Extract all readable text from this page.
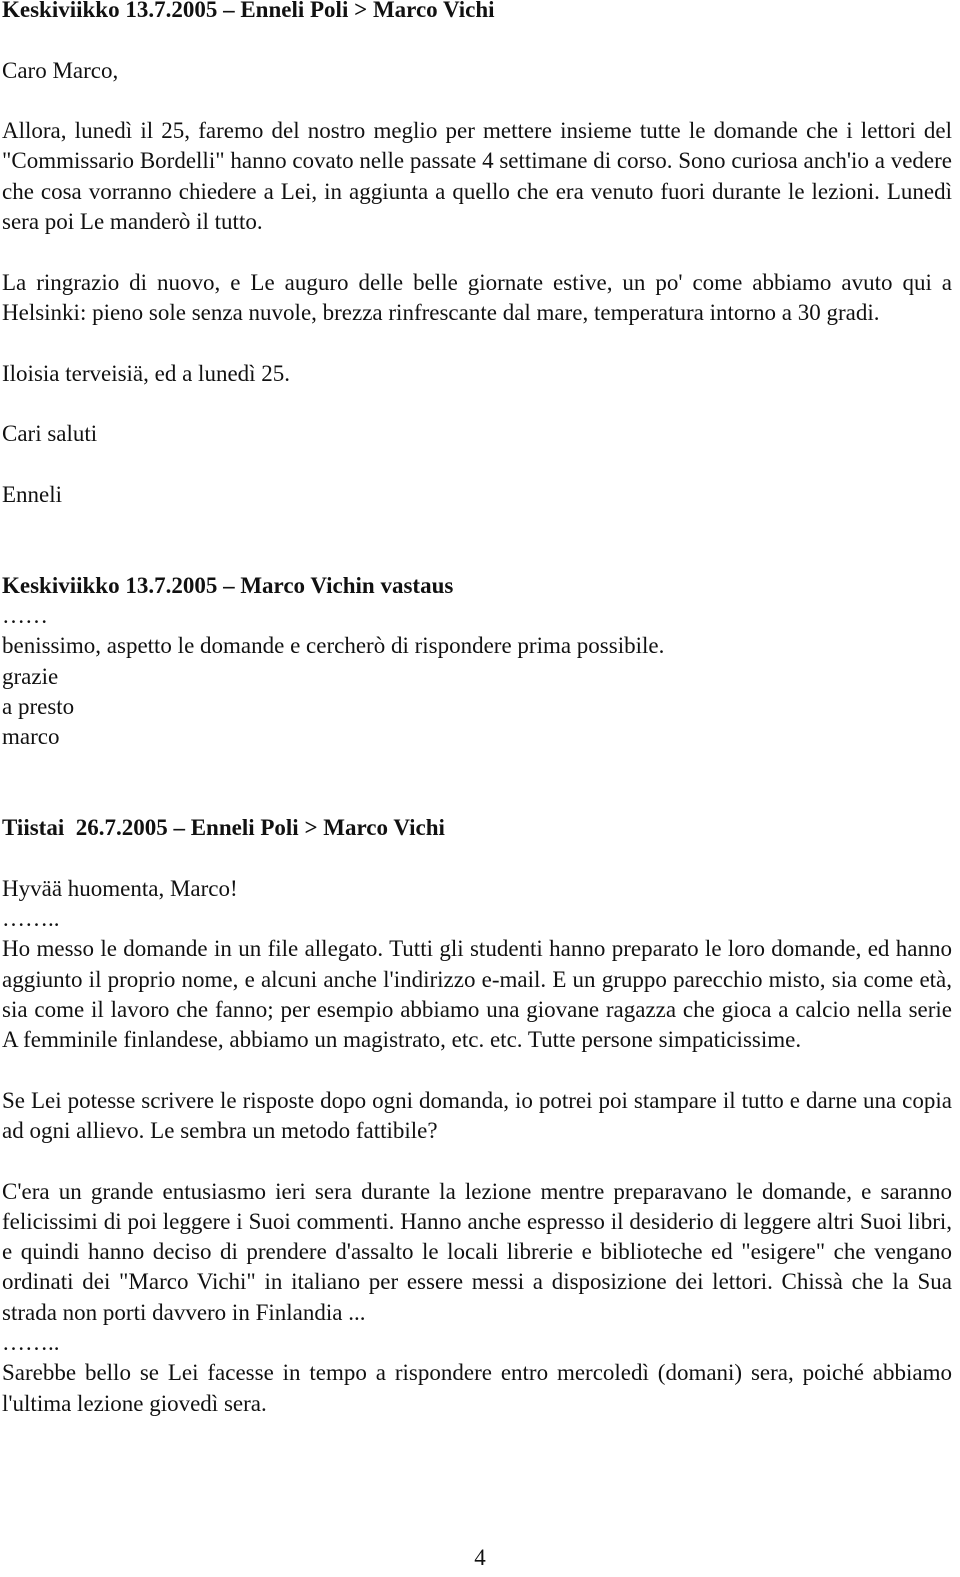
Keskiviikko 13.7.2005 – Enneli Poli > Marco Vichi
Caro Marco,

Allora, lunedì il 25, faremo del nostro meglio per mettere insieme tutte le domande che i lettori del "Commissario Bordelli" hanno covato nelle passate 4 settimane di corso. Sono curiosa anch'io a vedere che cosa vorranno chiedere a Lei, in aggiunta a quello che era venuto fuori durante le lezioni. Lunedì sera poi Le manderò il tutto.

La ringrazio di nuovo, e Le auguro delle belle giornate estive, un po' come abbiamo avuto qui a Helsinki: pieno sole senza nuvole, brezza rinfrescante dal mare, temperatura intorno a 30 gradi.

Iloisia terveisiä, ed a lunedì 25.
Cari saluti
Enneli
Keskiviikko 13.7.2005 – Marco Vichin vastaus
……
benissimo, aspetto le domande e cercherò di rispondere prima possibile.
grazie
a presto
marco
Tiistai  26.7.2005 – Enneli Poli > Marco Vichi
Hyvää huomenta, Marco!
……..

Ho messo le domande in un file allegato. Tutti gli studenti hanno preparato le loro domande, ed hanno aggiunto il proprio nome, e alcuni anche l'indirizzo e-mail. E un gruppo parecchio misto, sia come età, sia come il lavoro che fanno; per esempio abbiamo una giovane ragazza che gioca a calcio nella serie A femminile finlandese, abbiamo un magistrato, etc. etc. Tutte persone simpaticissime.

Se Lei potesse scrivere le risposte dopo ogni domanda, io potrei poi stampare il tutto e darne una copia ad ogni allievo. Le sembra un metodo fattibile?

C'era un grande entusiasmo ieri sera durante la lezione mentre preparavano le domande, e saranno felicissimi di poi leggere i Suoi commenti. Hanno anche espresso il desiderio di leggere altri Suoi libri, e quindi hanno deciso di prendere d'assalto le locali librerie e biblioteche ed "esigere" che vengano ordinati dei "Marco Vichi" in italiano per essere messi a disposizione dei lettori. Chissà che la Sua strada non porti davvero in Finlandia ...

……..

Sarebbe bello se Lei facesse in tempo a rispondere entro mercoledì (domani) sera, poiché abbiamo l'ultima lezione giovedì sera.

4
